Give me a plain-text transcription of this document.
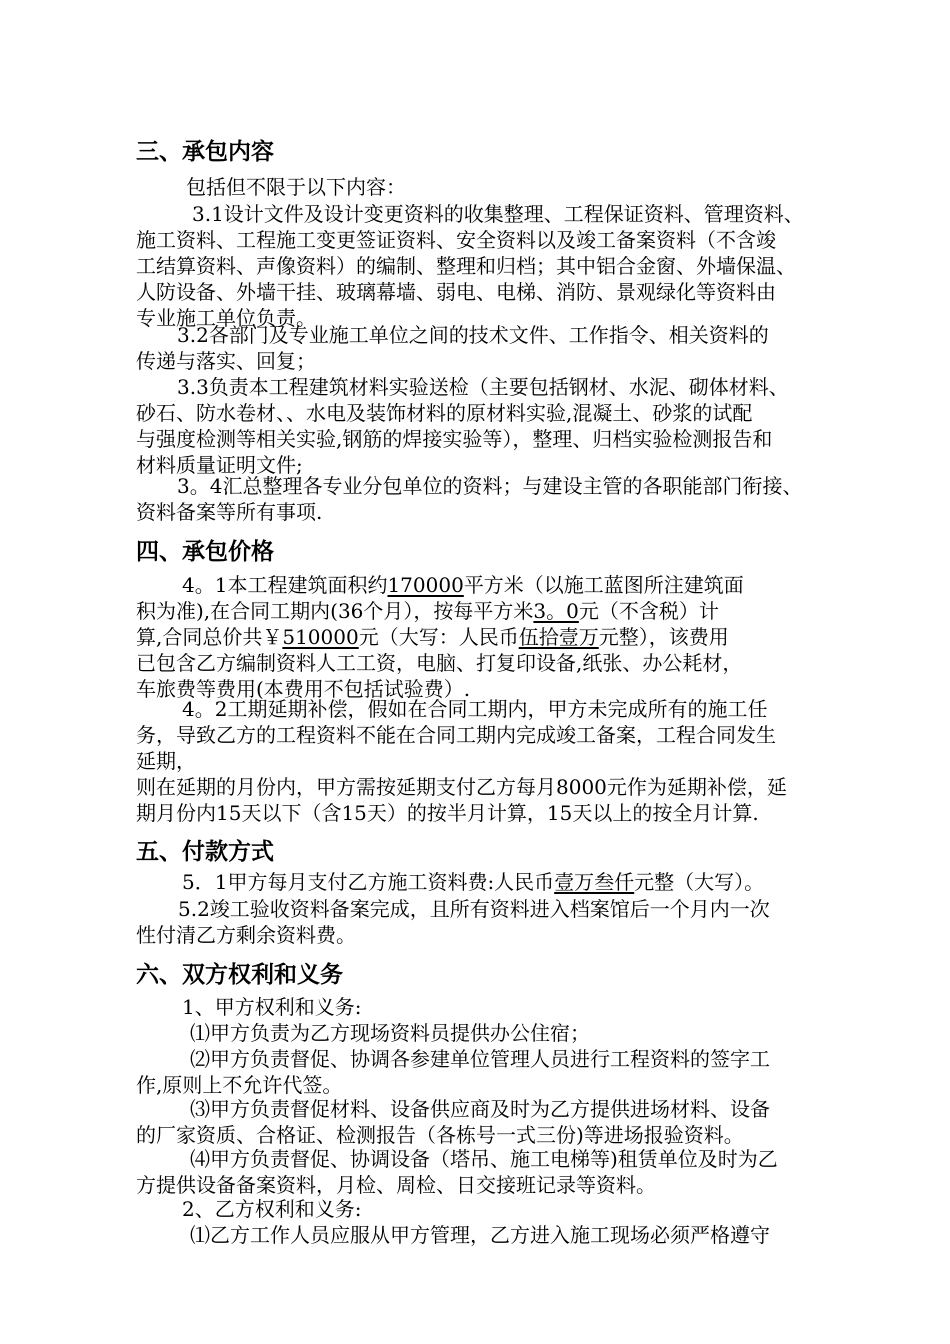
三、承包内容
包括但不限于以下内容：
3.1设计文件及设计变更资料的收集整理、工程保证资料、管理资料、
施工资料、工程施工变更签证资料、安全资料以及竣工备案资料（不含竣
工结算资料、声像资料）的编制、整理和归档；其中铝合金窗、外墙保温、
人防设备、外墙干挂、玻璃幕墙、弱电、电梯、消防、景观绿化等资料由
专业施工单位负责。
3.2各部门及专业施工单位之间的技术文件、工作指令、相关资料的
传递与落实、回复；
3.3负责本工程建筑材料实验送检（主要包括钢材、水泥、砌体材料、
砂石、防水卷材、、水电及装饰材料的原材料实验,混凝土、砂浆的试配
与强度检测等相关实验,钢筋的焊接实验等），整理、归档实验检测报告和
材料质量证明文件;
3。4汇总整理各专业分包单位的资料；与建设主管的各职能部门衔接、
资料备案等所有事项.
四、承包价格
4。1本工程建筑面积约170000平方米（以施工蓝图所注建筑面
积为准),在合同工期内(36个月），按每平方米3。0元（不含税）计
算,合同总价共￥510000元（大写：人民币伍拾壹万元整），该费用
已包含乙方编制资料人工工资，电脑、打复印设备,纸张、办公耗材，
车旅费等费用(本费用不包括试验费）.
4。2工期延期补偿，假如在合同工期内，甲方未完成所有的施工任
务，导致乙方的工程资料不能在合同工期内完成竣工备案，工程合同发生
延期，
则在延期的月份内，甲方需按延期支付乙方每月8000元作为延期补偿，延
期月份内15天以下（含15天）的按半月计算，15天以上的按全月计算.
五、付款方式
5．1甲方每月支付乙方施工资料费:人民币壹万叁仟元整（大写）。
5.2竣工验收资料备案完成，且所有资料进入档案馆后一个月内一次
性付清乙方剩余资料费。
六、双方权利和义务
1、甲方权利和义务:
⑴甲方负责为乙方现场资料员提供办公住宿；
⑵甲方负责督促、协调各参建单位管理人员进行工程资料的签字工
作,原则上不允许代签。
⑶甲方负责督促材料、设备供应商及时为乙方提供进场材料、设备
的厂家资质、合格证、检测报告（各栋号一式三份)等进场报验资料。
⑷甲方负责督促、协调设备（塔吊、施工电梯等)租赁单位及时为乙
方提供设备备案资料，月检、周检、日交接班记录等资料。
2、乙方权利和义务:
⑴乙方工作人员应服从甲方管理，乙方进入施工现场必须严格遵守
